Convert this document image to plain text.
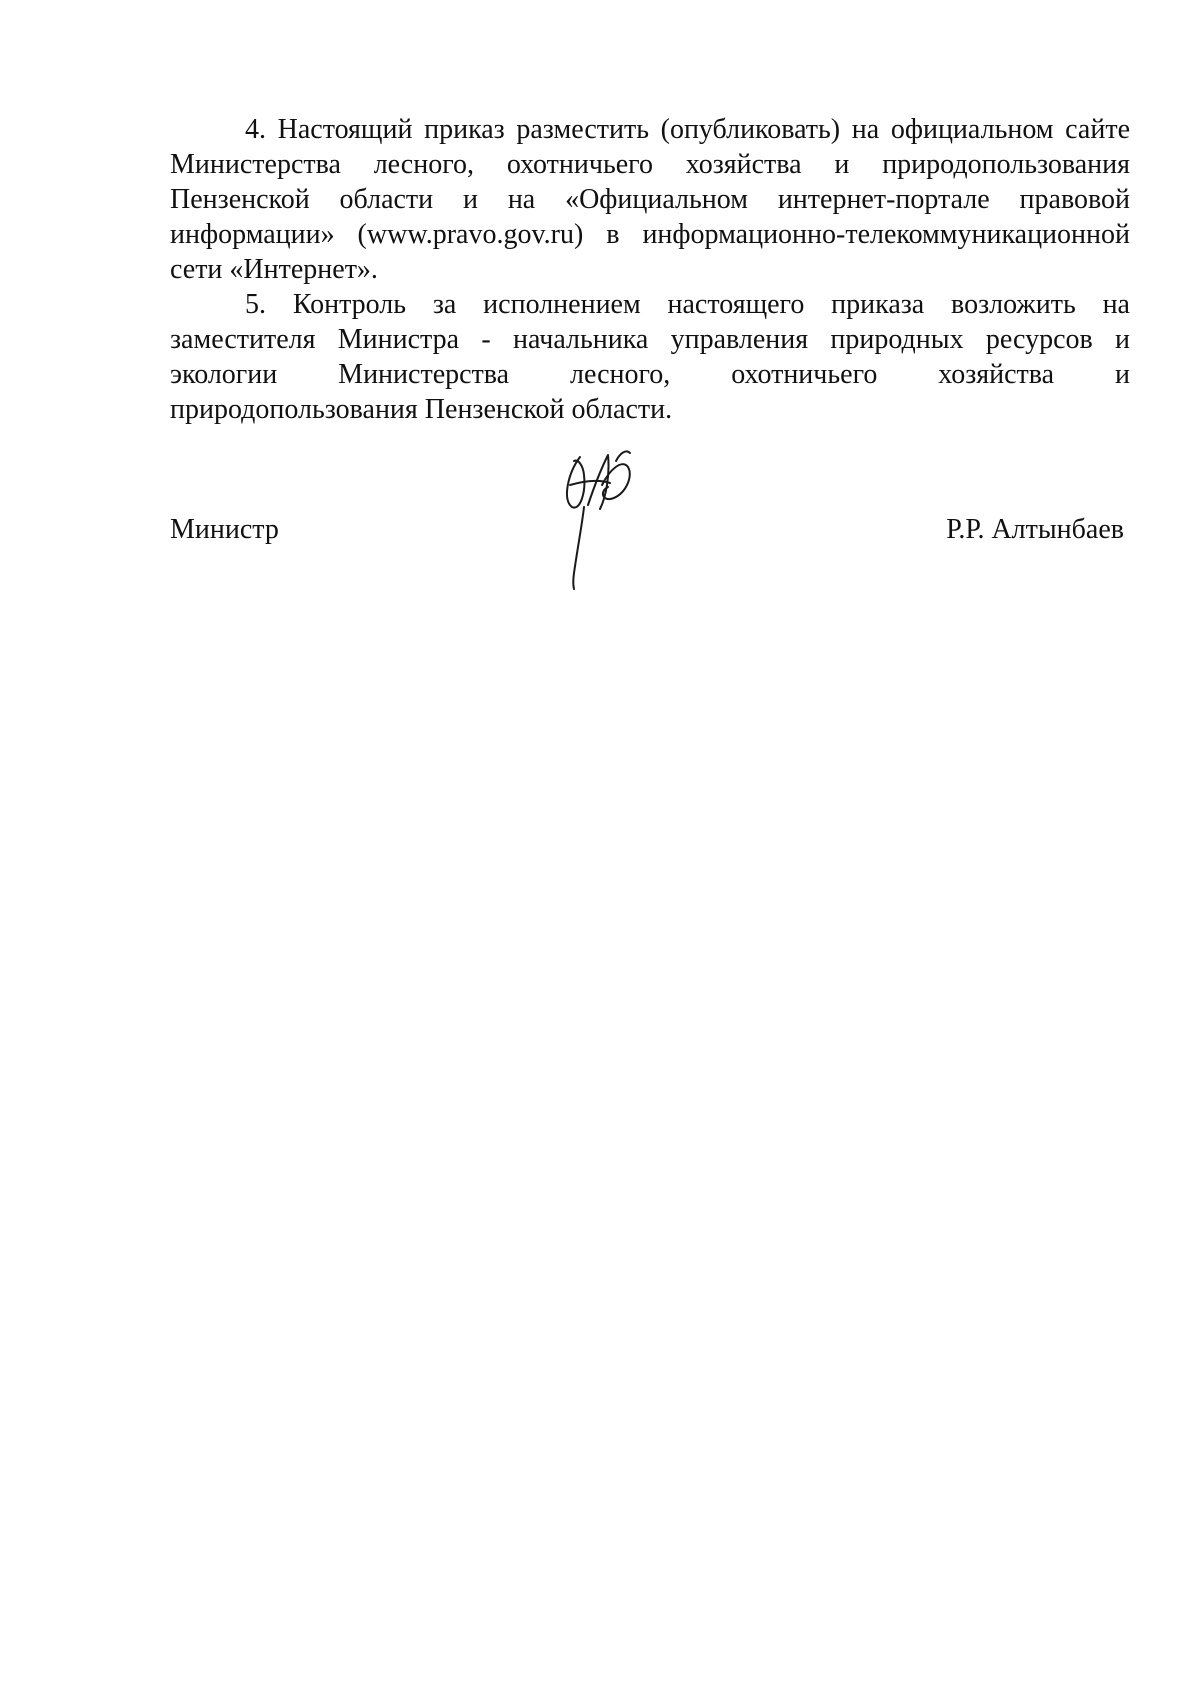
4. Настоящий приказ разместить (опубликовать) на официальном сайте
Министерства лесного, охотничьего хозяйства и природопользования
Пензенской области и на «Официальном интернет-портале правовой
информации» (www.pravo.gov.ru) в информационно-телекоммуникационной
сети «Интернет».

5. Контроль за исполнением настоящего приказа возложить на
заместителя Министра - начальника управления природных ресурсов и
экологии Министерства лесного, охотничьего хозяйства и
природопользования Пензенской области.

Министр	Р.Р. Алтынбаев
